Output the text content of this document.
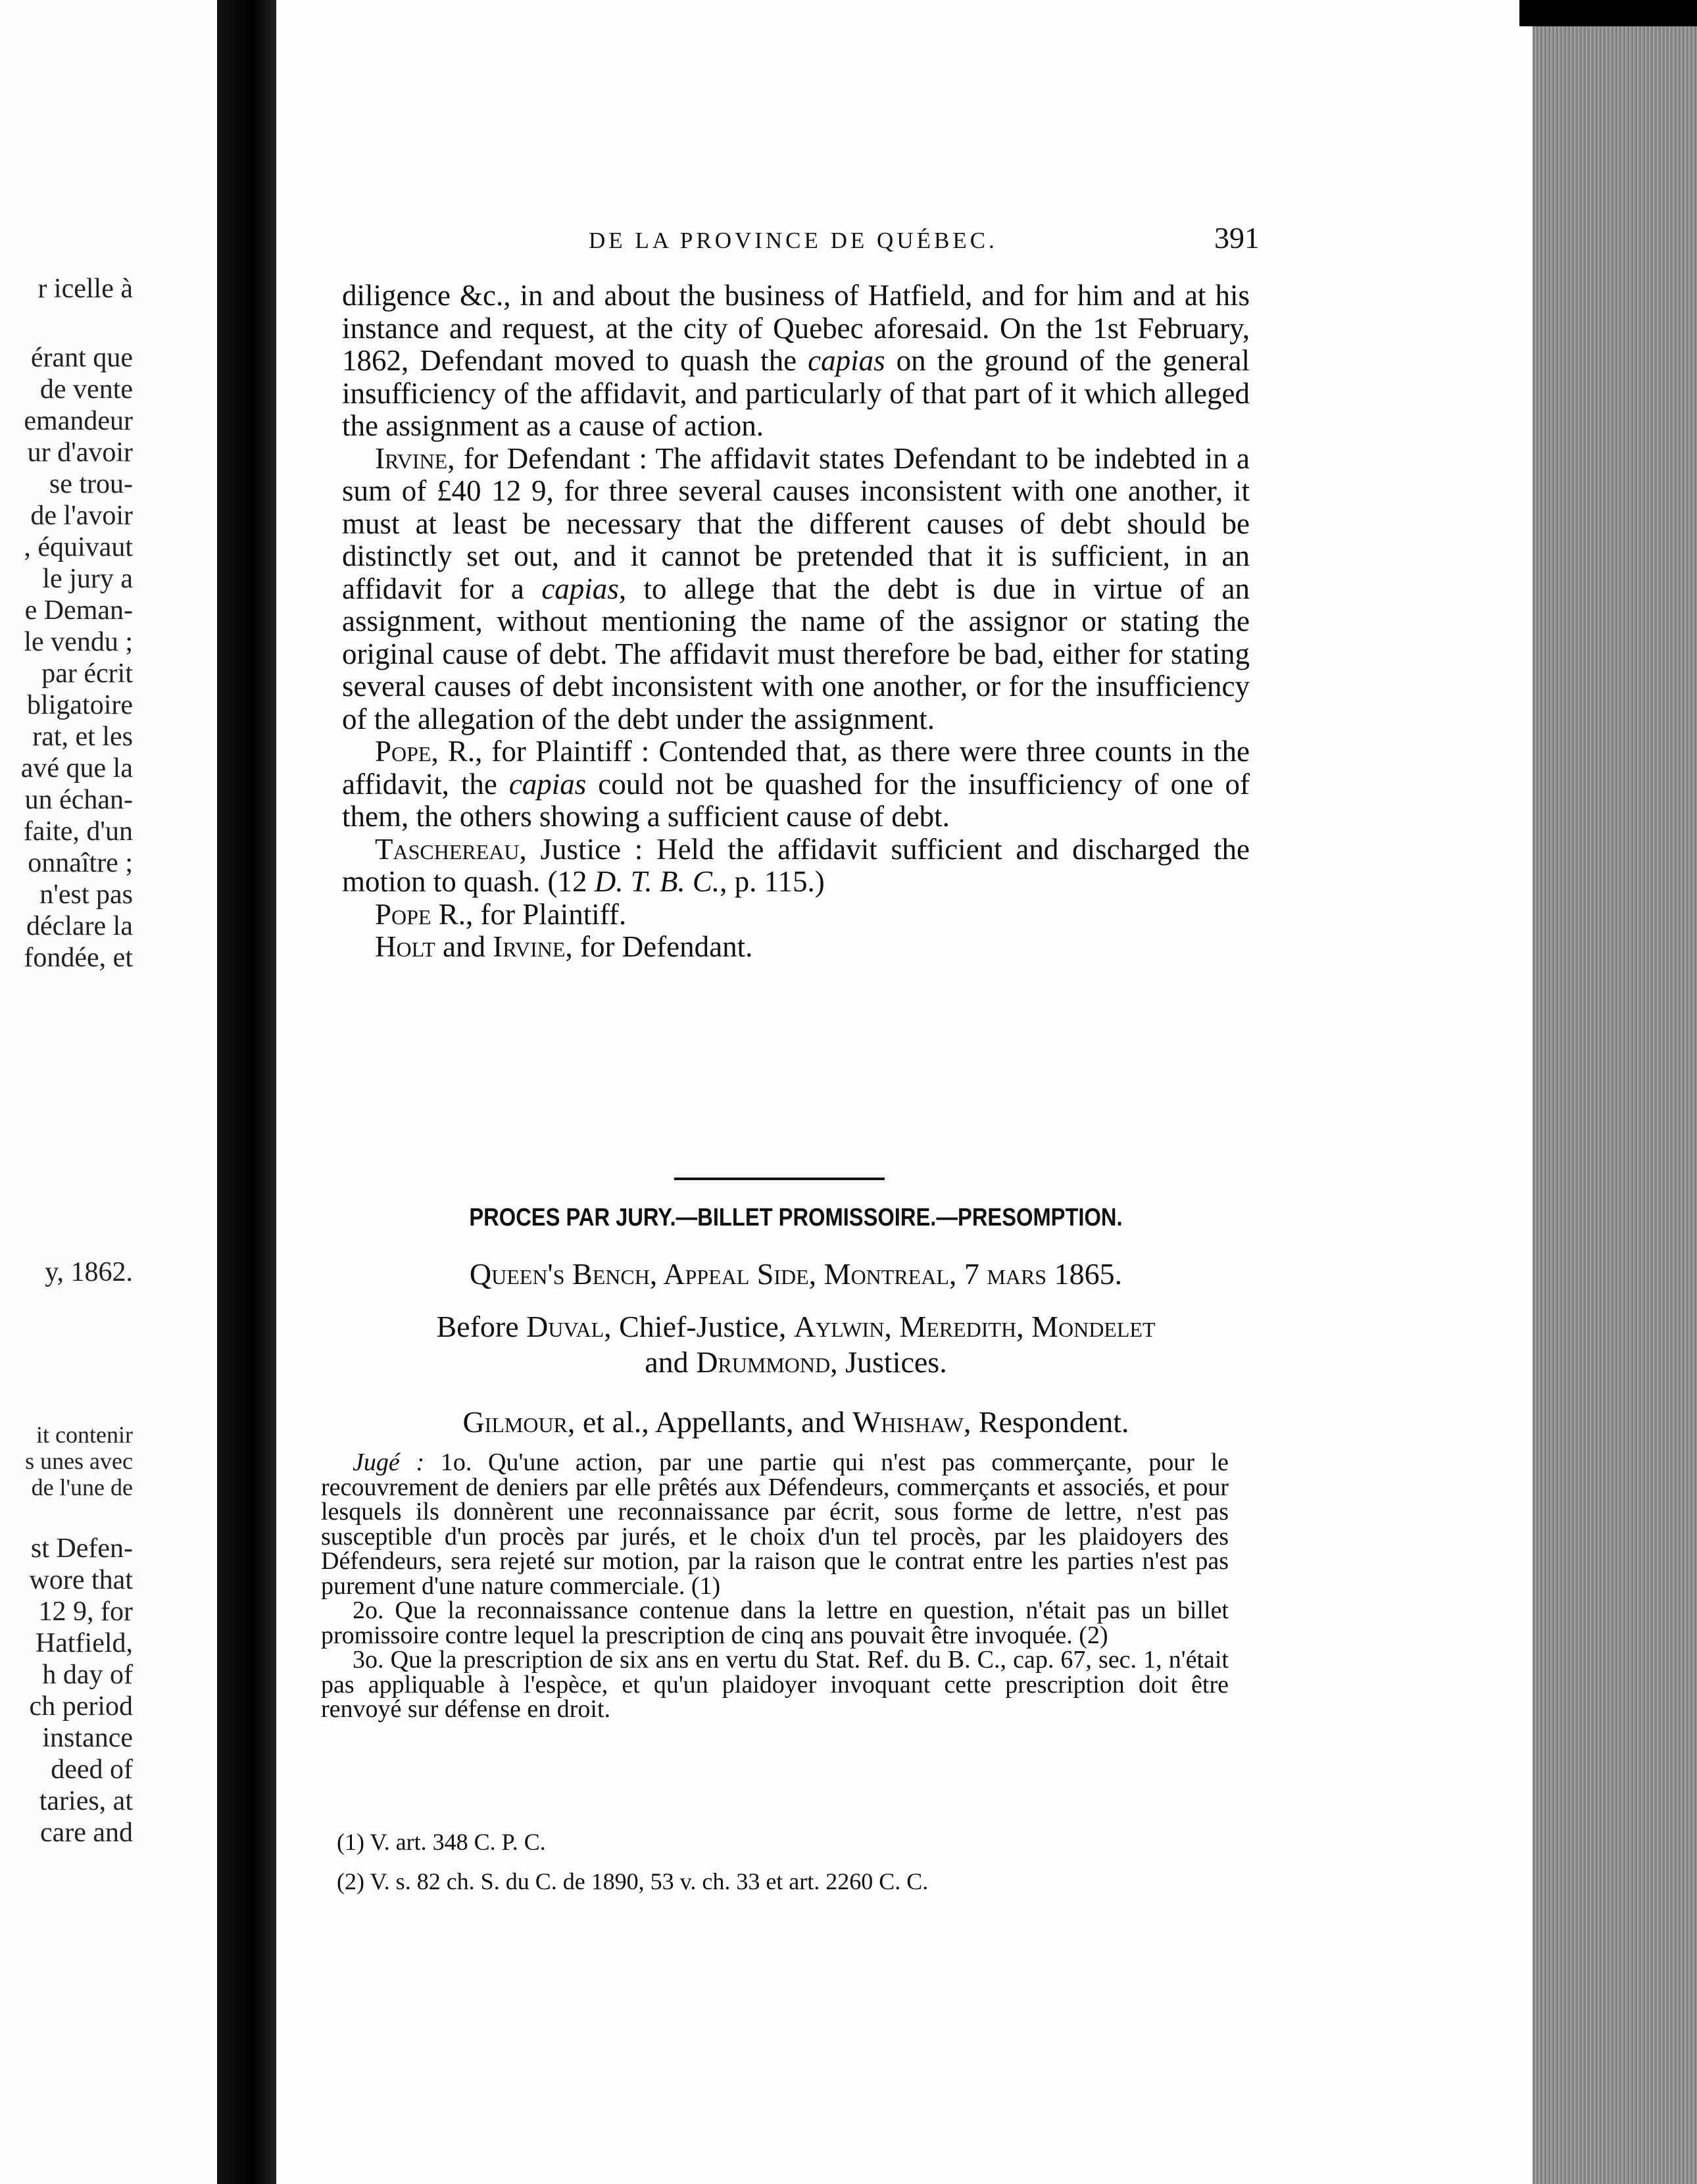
r icelle à
érant que
de vente
emandeur
ur d'avoir
se trou-
de l'avoir
, équivaut
le jury a
e Deman-
le vendu ;
par écrit
bligatoire
rat, et les
avé que la
un échan-
faite, d'un
onnaître ;
n'est pas
déclare la
fondée, et
y, 1862.
it contenir
s unes avec
de l'une de
st Defen-
wore that
12 9, for
Hatfield,
h day of
ch period
instance
deed of
taries, at
care and
DE LA PROVINCE DE QUÉBEC.	391

diligence &c., in and about the business of Hatfield, and for him and at his instance and request, at the city of Quebec aforesaid. On the 1st February, 1862, Defendant moved to quash the capias on the ground of the general insufficiency of the affidavit, and particularly of that part of it which alleged the assignment as a cause of action.

Irvine, for Defendant : The affidavit states Defendant to be indebted in a sum of £40 12 9, for three several causes inconsistent with one another, it must at least be necessary that the different causes of debt should be distinctly set out, and it cannot be pretended that it is sufficient, in an affidavit for a capias, to allege that the debt is due in virtue of an assignment, without mentioning the name of the assignor or stating the original cause of debt. The affidavit must therefore be bad, either for stating several causes of debt inconsistent with one another, or for the insufficiency of the allegation of the debt under the assignment.

Pope, R., for Plaintiff : Contended that, as there were three counts in the affidavit, the capias could not be quashed for the insufficiency of one of them, the others showing a sufficient cause of debt.

Taschereau, Justice : Held the affidavit sufficient and discharged the motion to quash. (12 D. T. B. C., p. 115.)

Pope R., for Plaintiff.

Holt and Irvine, for Defendant.

PROCES PAR JURY.—BILLET PROMISSOIRE.—PRESOMPTION.
Queen's Bench, Appeal Side, Montreal, 7 mars 1865.
Before Duval, Chief-Justice, Aylwin, Meredith, Mondelet
and Drummond, Justices.
Gilmour, et al., Appellants, and Whishaw, Respondent.

Jugé : 1o. Qu'une action, par une partie qui n'est pas commerçante, pour le recouvrement de deniers par elle prêtés aux Défendeurs, commerçants et associés, et pour lesquels ils donnèrent une reconnaissance par écrit, sous forme de lettre, n'est pas susceptible d'un procès par jurés, et le choix d'un tel procès, par les plaidoyers des Défendeurs, sera rejeté sur motion, par la raison que le contrat entre les parties n'est pas purement d'une nature commerciale. (1)

2o. Que la reconnaissance contenue dans la lettre en question, n'était pas un billet promissoire contre lequel la prescription de cinq ans pouvait être invoquée. (2)

3o. Que la prescription de six ans en vertu du Stat. Ref. du B. C., cap. 67, sec. 1, n'était pas appliquable à l'espèce, et qu'un plaidoyer invoquant cette prescription doit être renvoyé sur défense en droit.

(1) V. art. 348 C. P. C.

(2) V. s. 82 ch. S. du C. de 1890, 53 v. ch. 33 et art. 2260 C. C.
